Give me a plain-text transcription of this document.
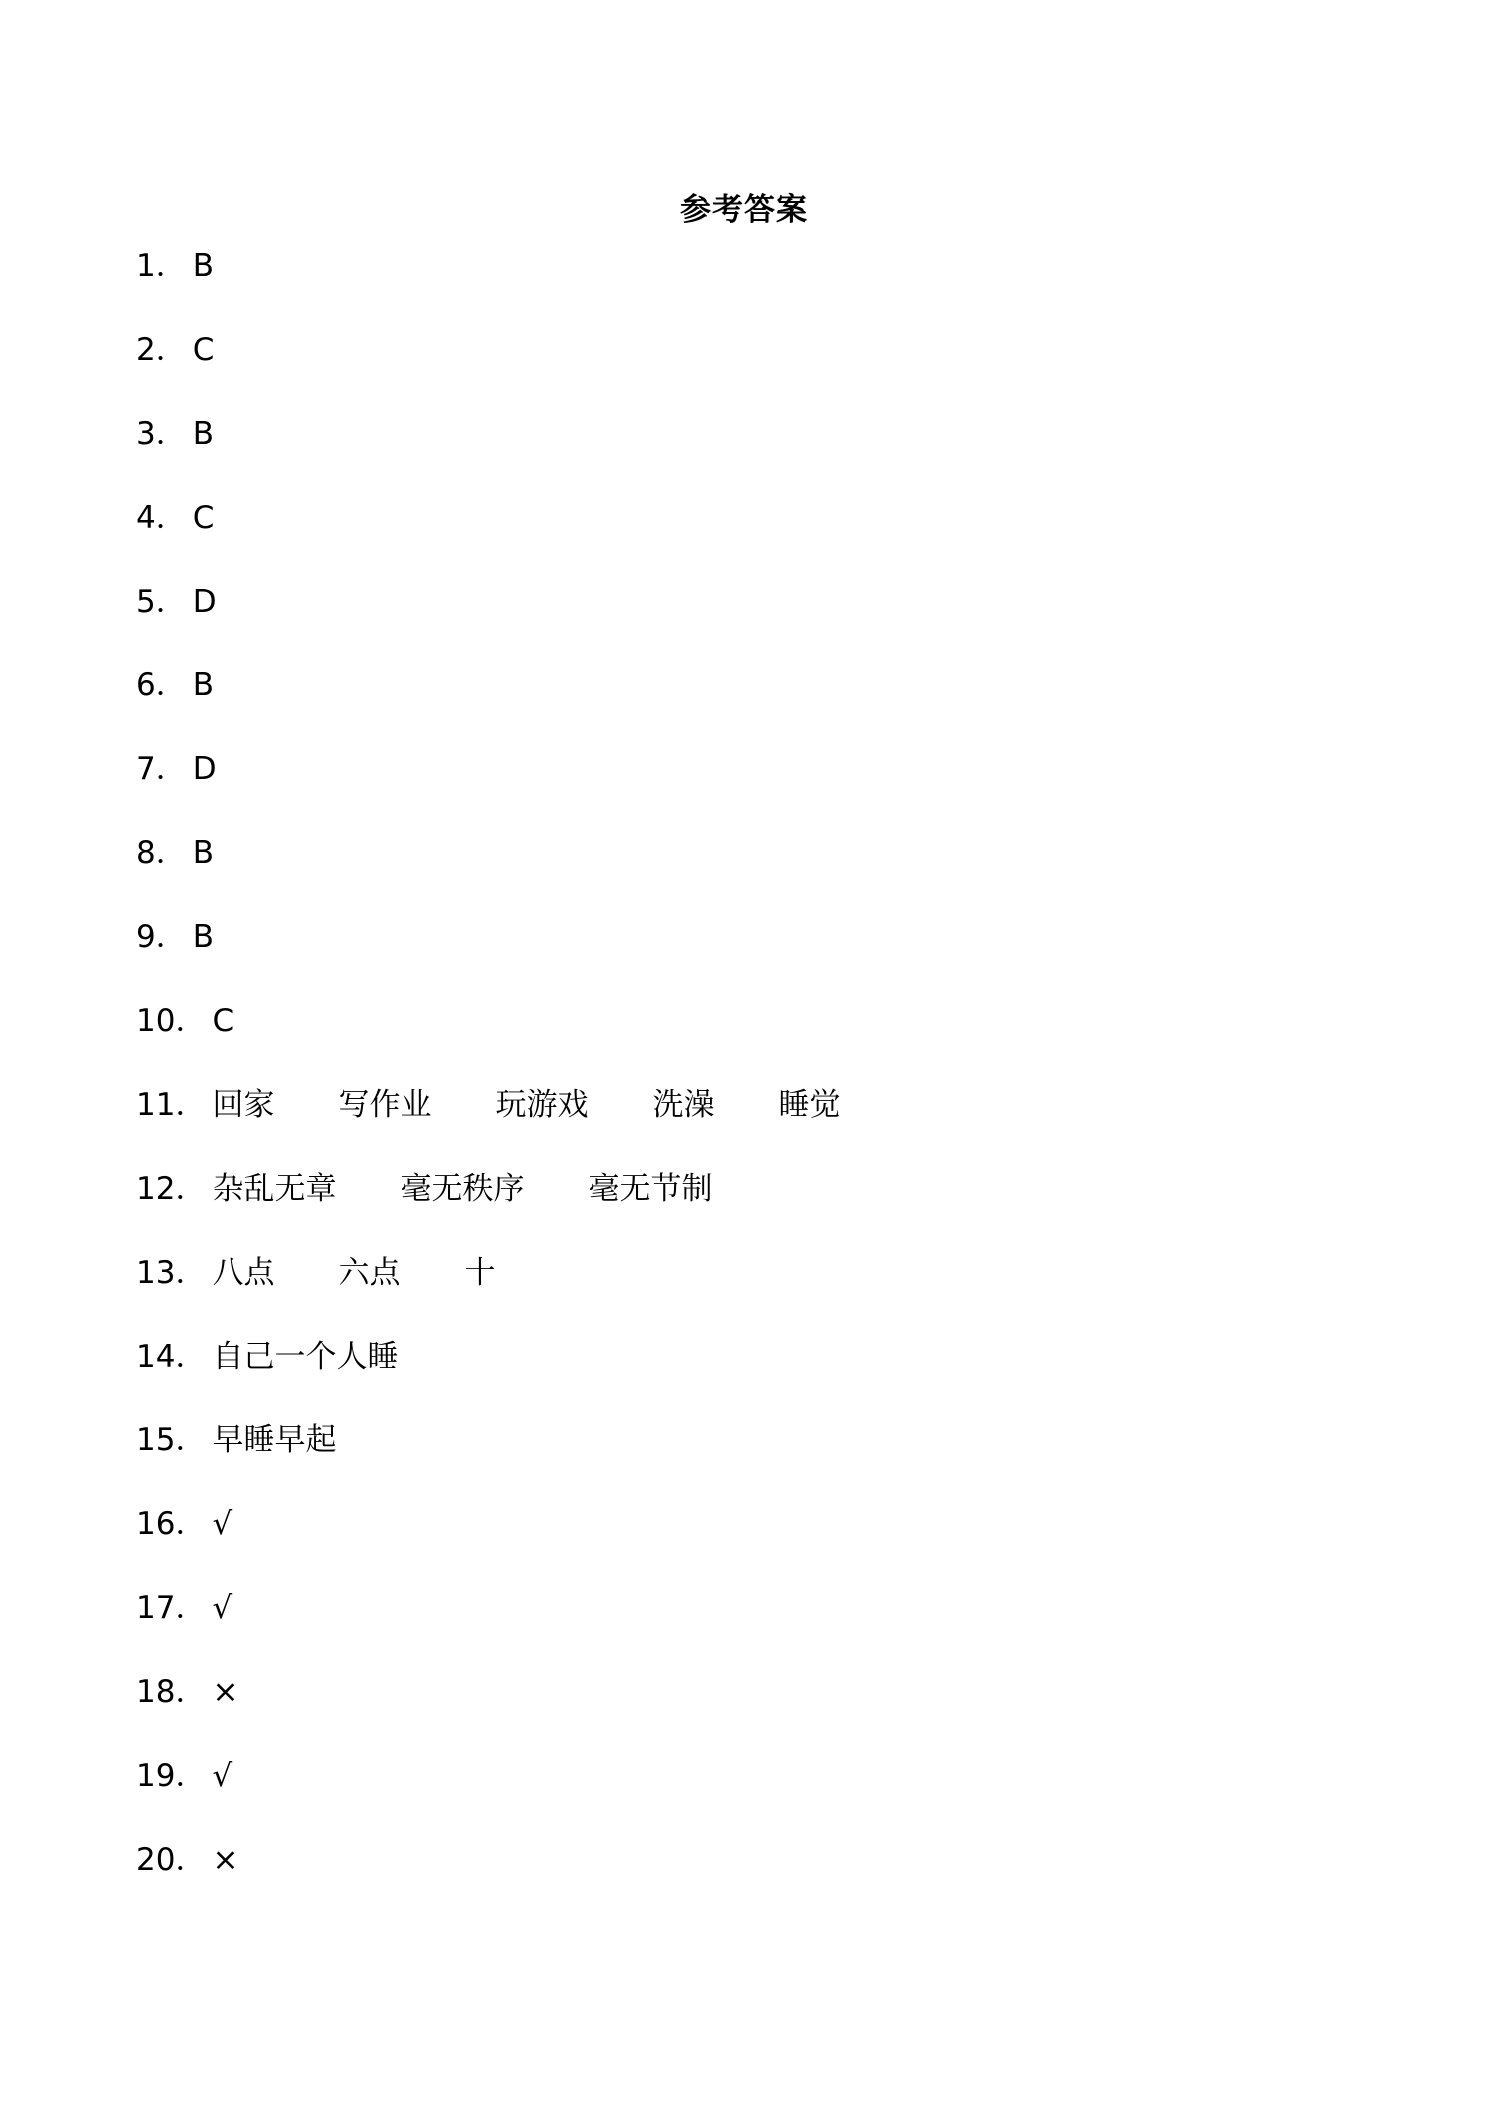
参考答案
1 ． B
2 ． C
3 ． B
4 ． C
5 ． D
6 ． B
7 ． D
8 ． B
9 ． B
10 ． C
11 ． 回家 写作业 玩游戏 洗澡 睡觉
12 ． 杂乱无章 毫无秩序 毫无节制
13 ． 八点 六点 十
14 ． 自己一个人睡
15 ． 早睡早起
16 ． √
17 ． √
18 ． ×
19 ． √
20 ． ×
